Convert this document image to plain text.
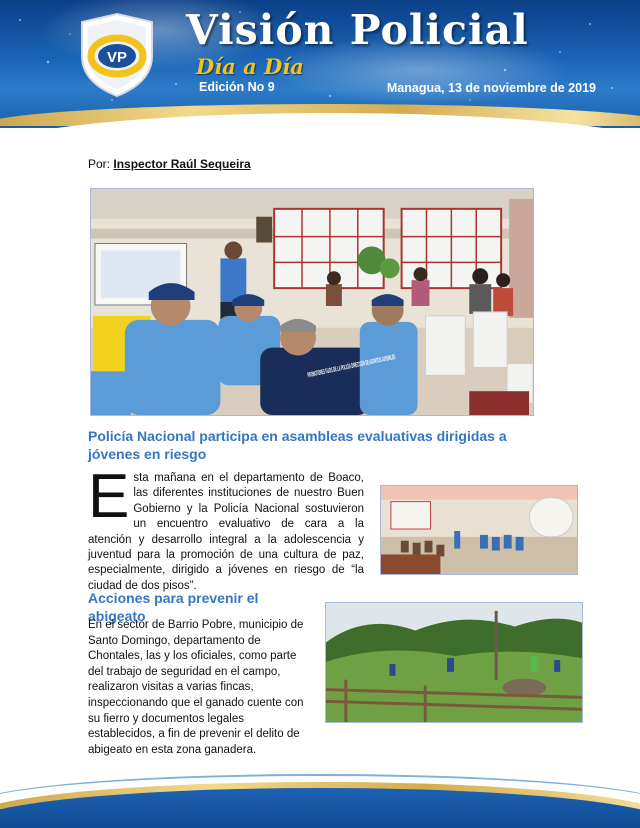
VP
Visión Policial
Día a Día
Edición No 9	Managua, 13 de noviembre de 2019
Por: Inspector Raúl Sequeira
Policía Nacional participa en asambleas evaluativas dirigidas a jóvenes en riesgo
Esta mañana en el departamento de Boaco, las diferentes instituciones de nuestro Buen Gobierno y la Policía Nacional sostuvieron un encuentro evaluativo de cara a la atención y desarrollo integral a la adolescencia y juventud para la promoción de una cultura de paz, especialmente, dirigido a jóvenes en riesgo de “la ciudad de dos pisos”.
Acciones para prevenir el abigeato
En el sector de Barrio Pobre, municipio de Santo Domingo, departamento de Chontales, las y los oficiales, como parte del trabajo de seguridad en el campo, realizaron visitas a varias fincas, inspeccionando que el ganado cuente con su fierro y documentos legales establecidos, a fin de prevenir el delito de abigeato en esta zona ganadera.
